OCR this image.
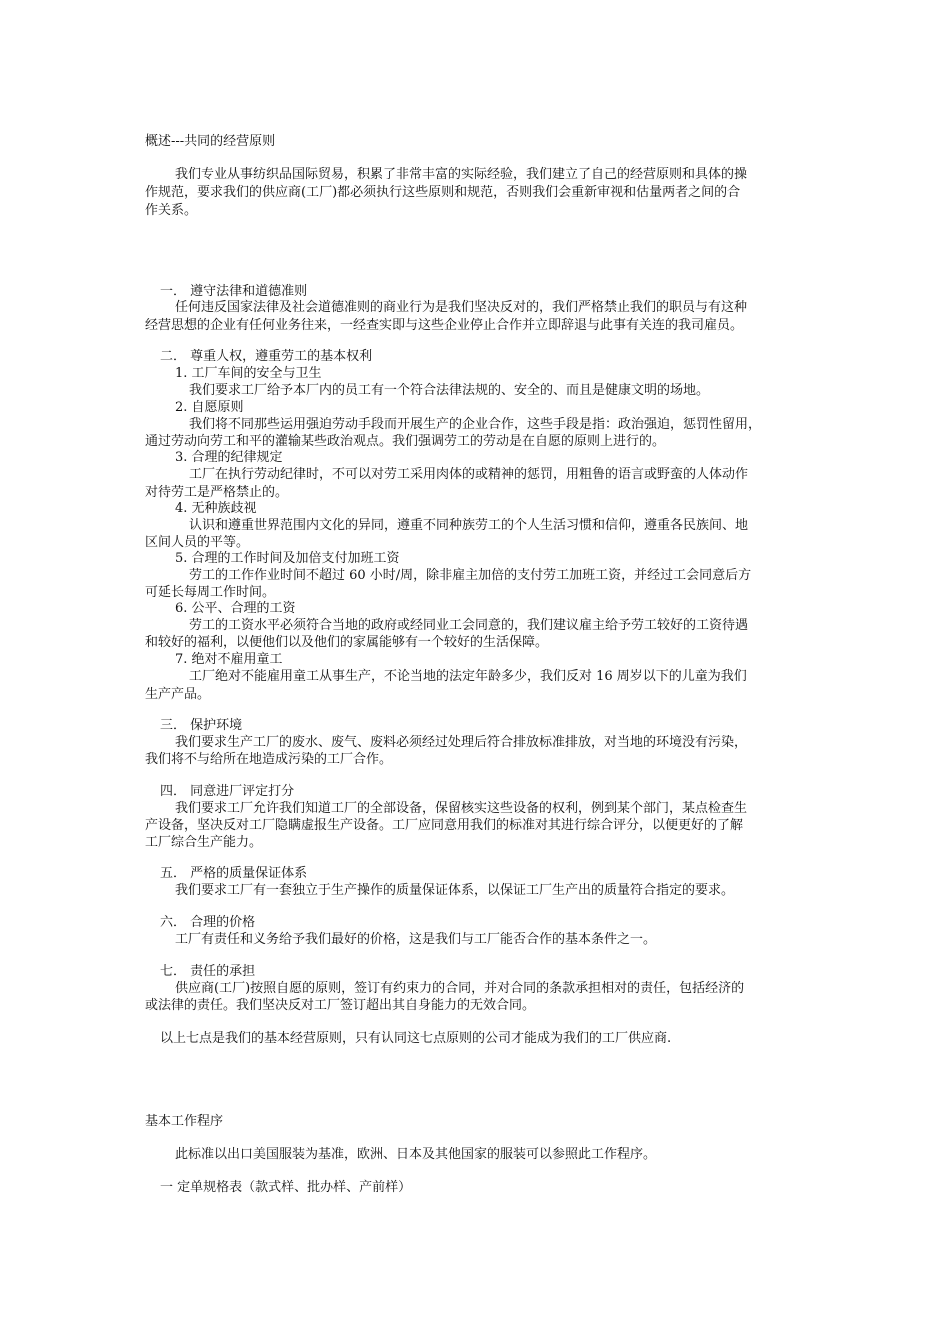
概述---共同的经营原则
我们专业从事纺织品国际贸易，积累了非常丰富的实际经验，我们建立了自己的经营原则和具体的操
作规范，要求我们的供应商(工厂)都必须执行这些原则和规范，否则我们会重新审视和估量两者之间的合
作关系。
一． 遵守法律和道德准则
任何违反国家法律及社会道德准则的商业行为是我们坚决反对的，我们严格禁止我们的职员与有这种
经营思想的企业有任何业务往来，一经查实即与这些企业停止合作并立即辞退与此事有关连的我司雇员。
二． 尊重人权，遵重劳工的基本权利
1. 工厂车间的安全与卫生
我们要求工厂给予本厂内的员工有一个符合法律法规的、安全的、而且是健康文明的场地。
2. 自愿原则
我们将不同那些运用强迫劳动手段而开展生产的企业合作，这些手段是指：政治强迫，惩罚性留用，
通过劳动向劳工和平的灌输某些政治观点。我们强调劳工的劳动是在自愿的原则上进行的。
3. 合理的纪律规定
工厂在执行劳动纪律时，不可以对劳工采用肉体的或精神的惩罚，用粗鲁的语言或野蛮的人体动作
对待劳工是严格禁止的。
4. 无种族歧视
认识和遵重世界范围内文化的异同，遵重不同种族劳工的个人生活习惯和信仰，遵重各民族间、地
区间人员的平等。
5. 合理的工作时间及加倍支付加班工资
劳工的工作作业时间不超过 60 小时/周，除非雇主加倍的支付劳工加班工资，并经过工会同意后方
可延长每周工作时间。
6. 公平、合理的工资
劳工的工资水平必须符合当地的政府或经同业工会同意的，我们建议雇主给予劳工较好的工资待遇
和较好的福利，以便他们以及他们的家属能够有一个较好的生活保障。
7. 绝对不雇用童工
工厂绝对不能雇用童工从事生产，不论当地的法定年龄多少，我们反对 16 周岁以下的儿童为我们
生产产品。
三． 保护环境
我们要求生产工厂的废水、废气、废料必须经过处理后符合排放标准排放，对当地的环境没有污染，
我们将不与给所在地造成污染的工厂合作。
四． 同意进厂评定打分
我们要求工厂允许我们知道工厂的全部设备，保留核实这些设备的权利，例到某个部门，某点检查生
产设备，坚决反对工厂隐瞒虚报生产设备。工厂应同意用我们的标准对其进行综合评分，以便更好的了解
工厂综合生产能力。
五． 严格的质量保证体系
我们要求工厂有一套独立于生产操作的质量保证体系，以保证工厂生产出的质量符合指定的要求。
六． 合理的价格
工厂有责任和义务给予我们最好的价格，这是我们与工厂能否合作的基本条件之一。
七． 责任的承担
供应商(工厂)按照自愿的原则，签订有约束力的合同，并对合同的条款承担相对的责任，包括经济的
或法律的责任。我们坚决反对工厂签订超出其自身能力的无效合同。
以上七点是我们的基本经营原则，只有认同这七点原则的公司才能成为我们的工厂供应商.
基本工作程序
此标准以出口美国服装为基准，欧洲、日本及其他国家的服装可以参照此工作程序。
一 定单规格表（款式样、批办样、产前样）
